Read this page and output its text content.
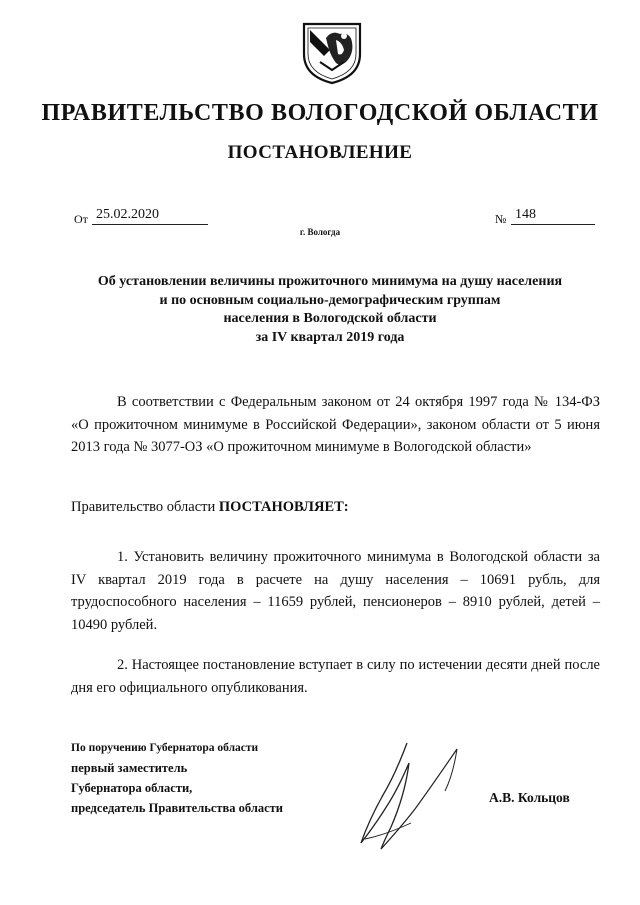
ПРАВИТЕЛЬСТВО ВОЛОГОДСКОЙ ОБЛАСТИ
ПОСТАНОВЛЕНИЕ
От 25.02.2020	№ 148
г. Вологда
Об установлении величины прожиточного минимума на душу населения
и по основным социально-демографическим группам
населения в Вологодской области
за IV квартал 2019 года
В соответствии с Федеральным законом от 24 октября 1997 года № 134-ФЗ «О прожиточном минимуме в Российской Федерации», законом области от 5 июня 2013 года № 3077-ОЗ «О прожиточном минимуме в Вологодской области»
Правительство области ПОСТАНОВЛЯЕТ:
1. Установить величину прожиточного минимума в Вологодской области за IV квартал 2019 года в расчете на душу населения – 10691 рубль, для трудоспособного населения – 11659 рублей, пенсионеров – 8910 рублей, детей – 10490 рублей.
2. Настоящее постановление вступает в силу по истечении десяти дней после дня его официального опубликования.
По поручению Губернатора области
первый заместитель
Губернатора области,
председатель Правительства области
А.В. Кольцов
